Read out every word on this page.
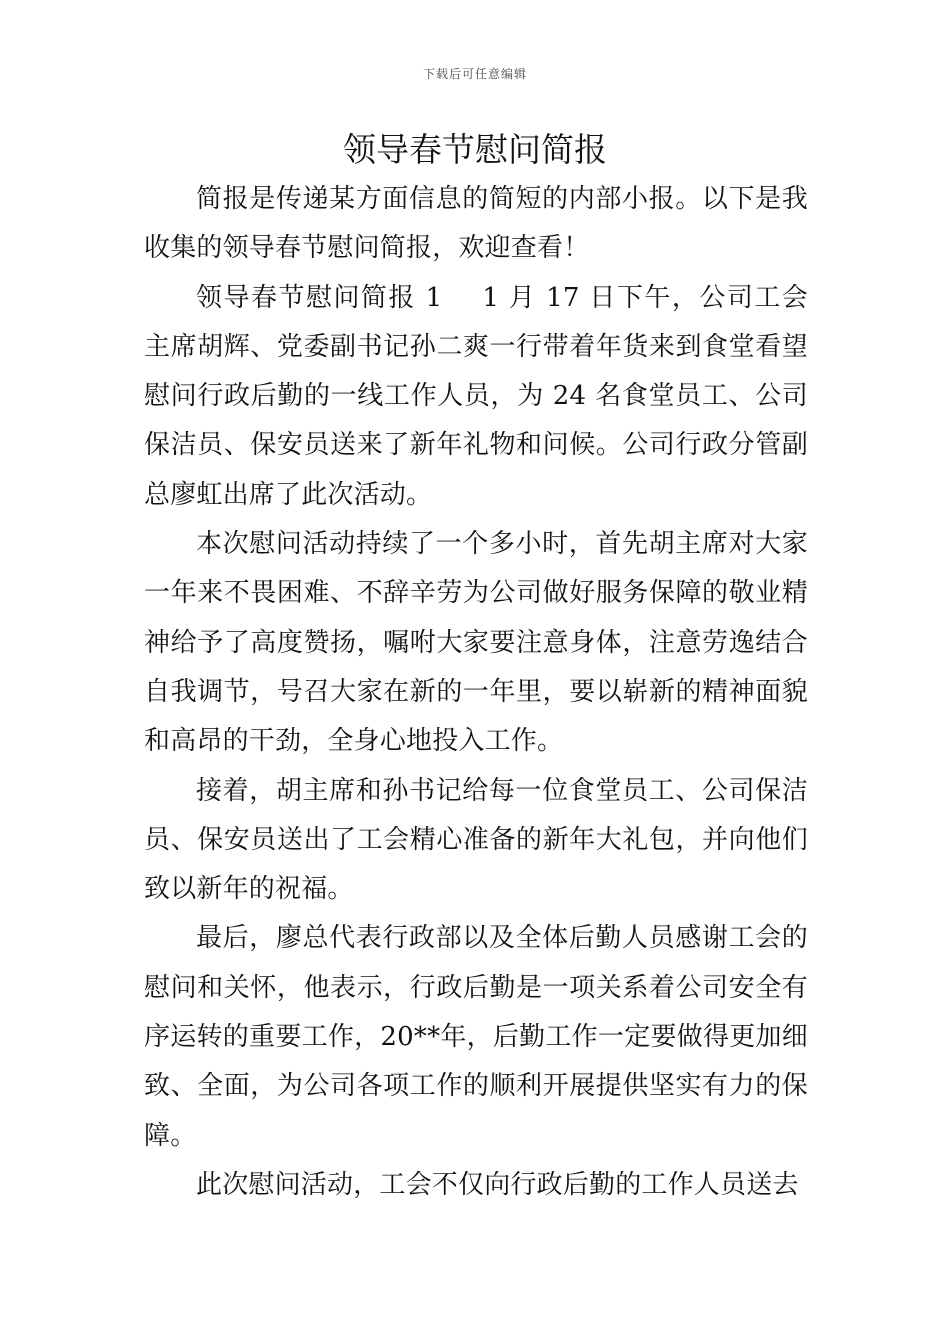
下载后可任意编辑
领导春节慰问简报

简报是传递某方面信息的简短的内部小报。以下是我收集的领导春节慰问简报，欢迎查看！

领导春节慰问简报 1 1 月 17 日下午，公司工会主席胡辉、党委副书记孙二爽一行带着年货来到食堂看望慰问行政后勤的一线工作人员，为 24 名食堂员工、公司保洁员、保安员送来了新年礼物和问候。公司行政分管副总廖虹出席了此次活动。

本次慰问活动持续了一个多小时，首先胡主席对大家一年来不畏困难、不辞辛劳为公司做好服务保障的敬业精神给予了高度赞扬，嘱咐大家要注意身体，注意劳逸结合自我调节，号召大家在新的一年里，要以崭新的精神面貌和高昂的干劲，全身心地投入工作。

接着，胡主席和孙书记给每一位食堂员工、公司保洁员、保安员送出了工会精心准备的新年大礼包，并向他们致以新年的祝福。

最后，廖总代表行政部以及全体后勤人员感谢工会的慰问和关怀，他表示，行政后勤是一项关系着公司安全有序运转的重要工作，20**年，后勤工作一定要做得更加细致、全面，为公司各项工作的顺利开展提供坚实有力的保障。

此次慰问活动，工会不仅向行政后勤的工作人员送去
